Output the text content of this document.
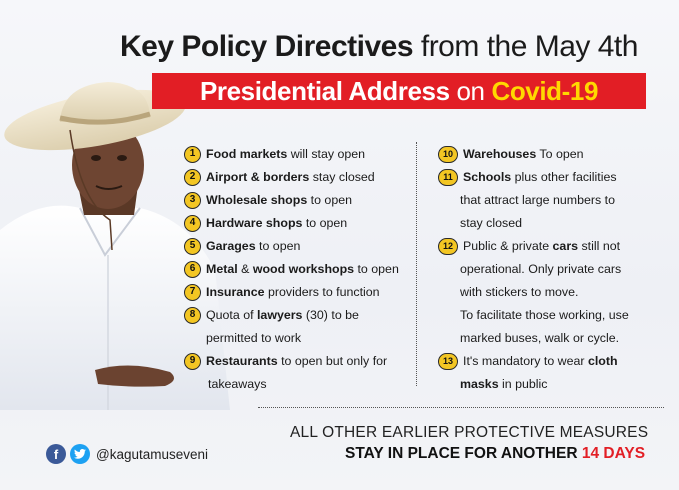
Key Policy Directives from the May 4th
Presidential Address on Covid-19
1 Food markets will stay open
2 Airport & borders stay closed
3 Wholesale shops to open
4 Hardware shops to open
5 Garages to open
6 Metal & wood workshops to open
7 Insurance providers to function
8 Quota of lawyers (30) to be
permitted to work
9 Restaurants to open but only for
takeaways
10 Warehouses To open
11 Schools plus other facilities
that attract large numbers to
stay closed
12 Public & private cars still not
operational. Only private cars
with stickers to move.
To facilitate those working, use
marked buses, walk or cycle.
13 It's mandatory to wear cloth
masks in public
ALL OTHER EARLIER PROTECTIVE MEASURES
STAY IN PLACE FOR ANOTHER 14 DAYS
f	@kagutamuseveni
